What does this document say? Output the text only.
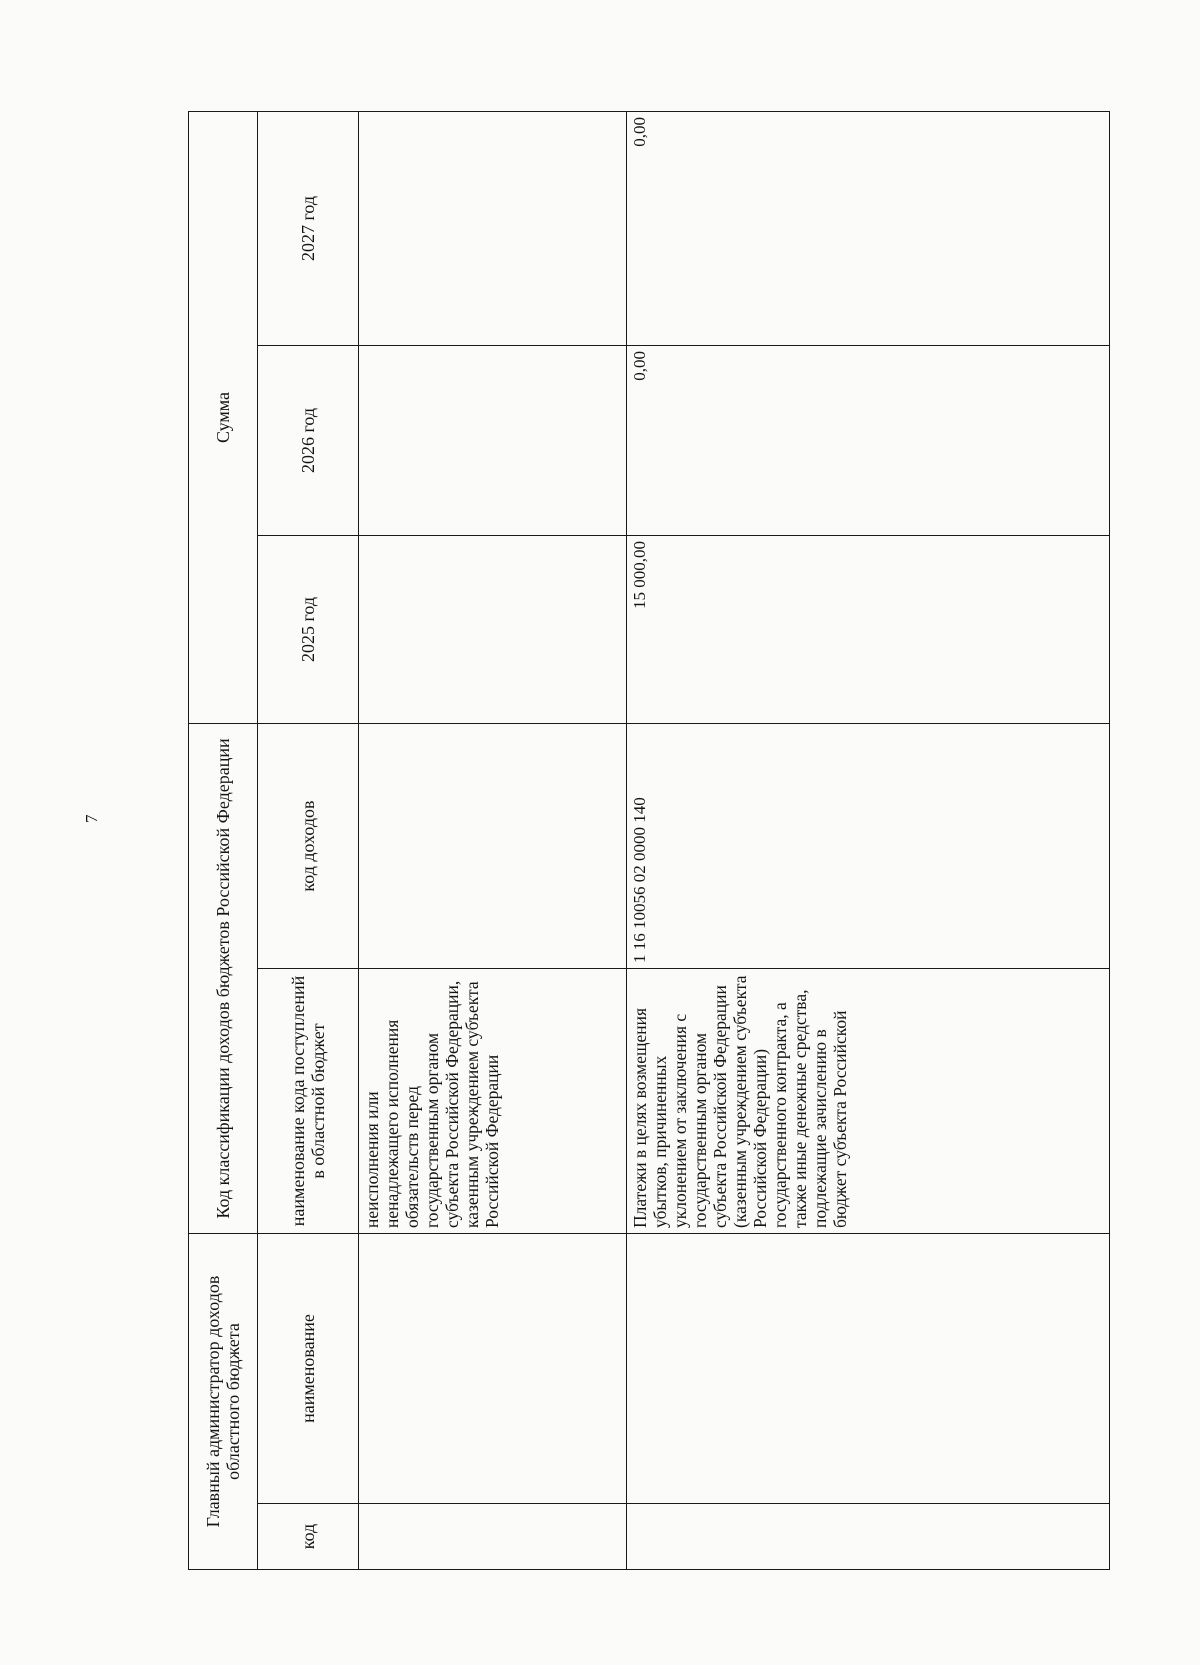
7
Главный администратор доходов областного бюджета		Код классификации доходов бюджетов Российской Федерации		Сумма		
код	наименование	наименование кода поступлений в областной бюджет	код доходов	2025 год	2026 год	2027 год
		неисполнения или ненадлежащего исполнения обязательств перед государственным органом субъекта Российской Федерации, казенным учреждением субъекта Российской Федерации				
		Платежи в целях возмещения убытков, причиненных уклонением от заключения с государственным органом субъекта Российской Федерации (казенным учреждением субъекта Российской Федерации) государственного контракта, а также иные денежные средства, подлежащие зачислению в бюджет субъекта Российской	1 16 10056 02 0000 140	15 000,00	0,00	0,00
